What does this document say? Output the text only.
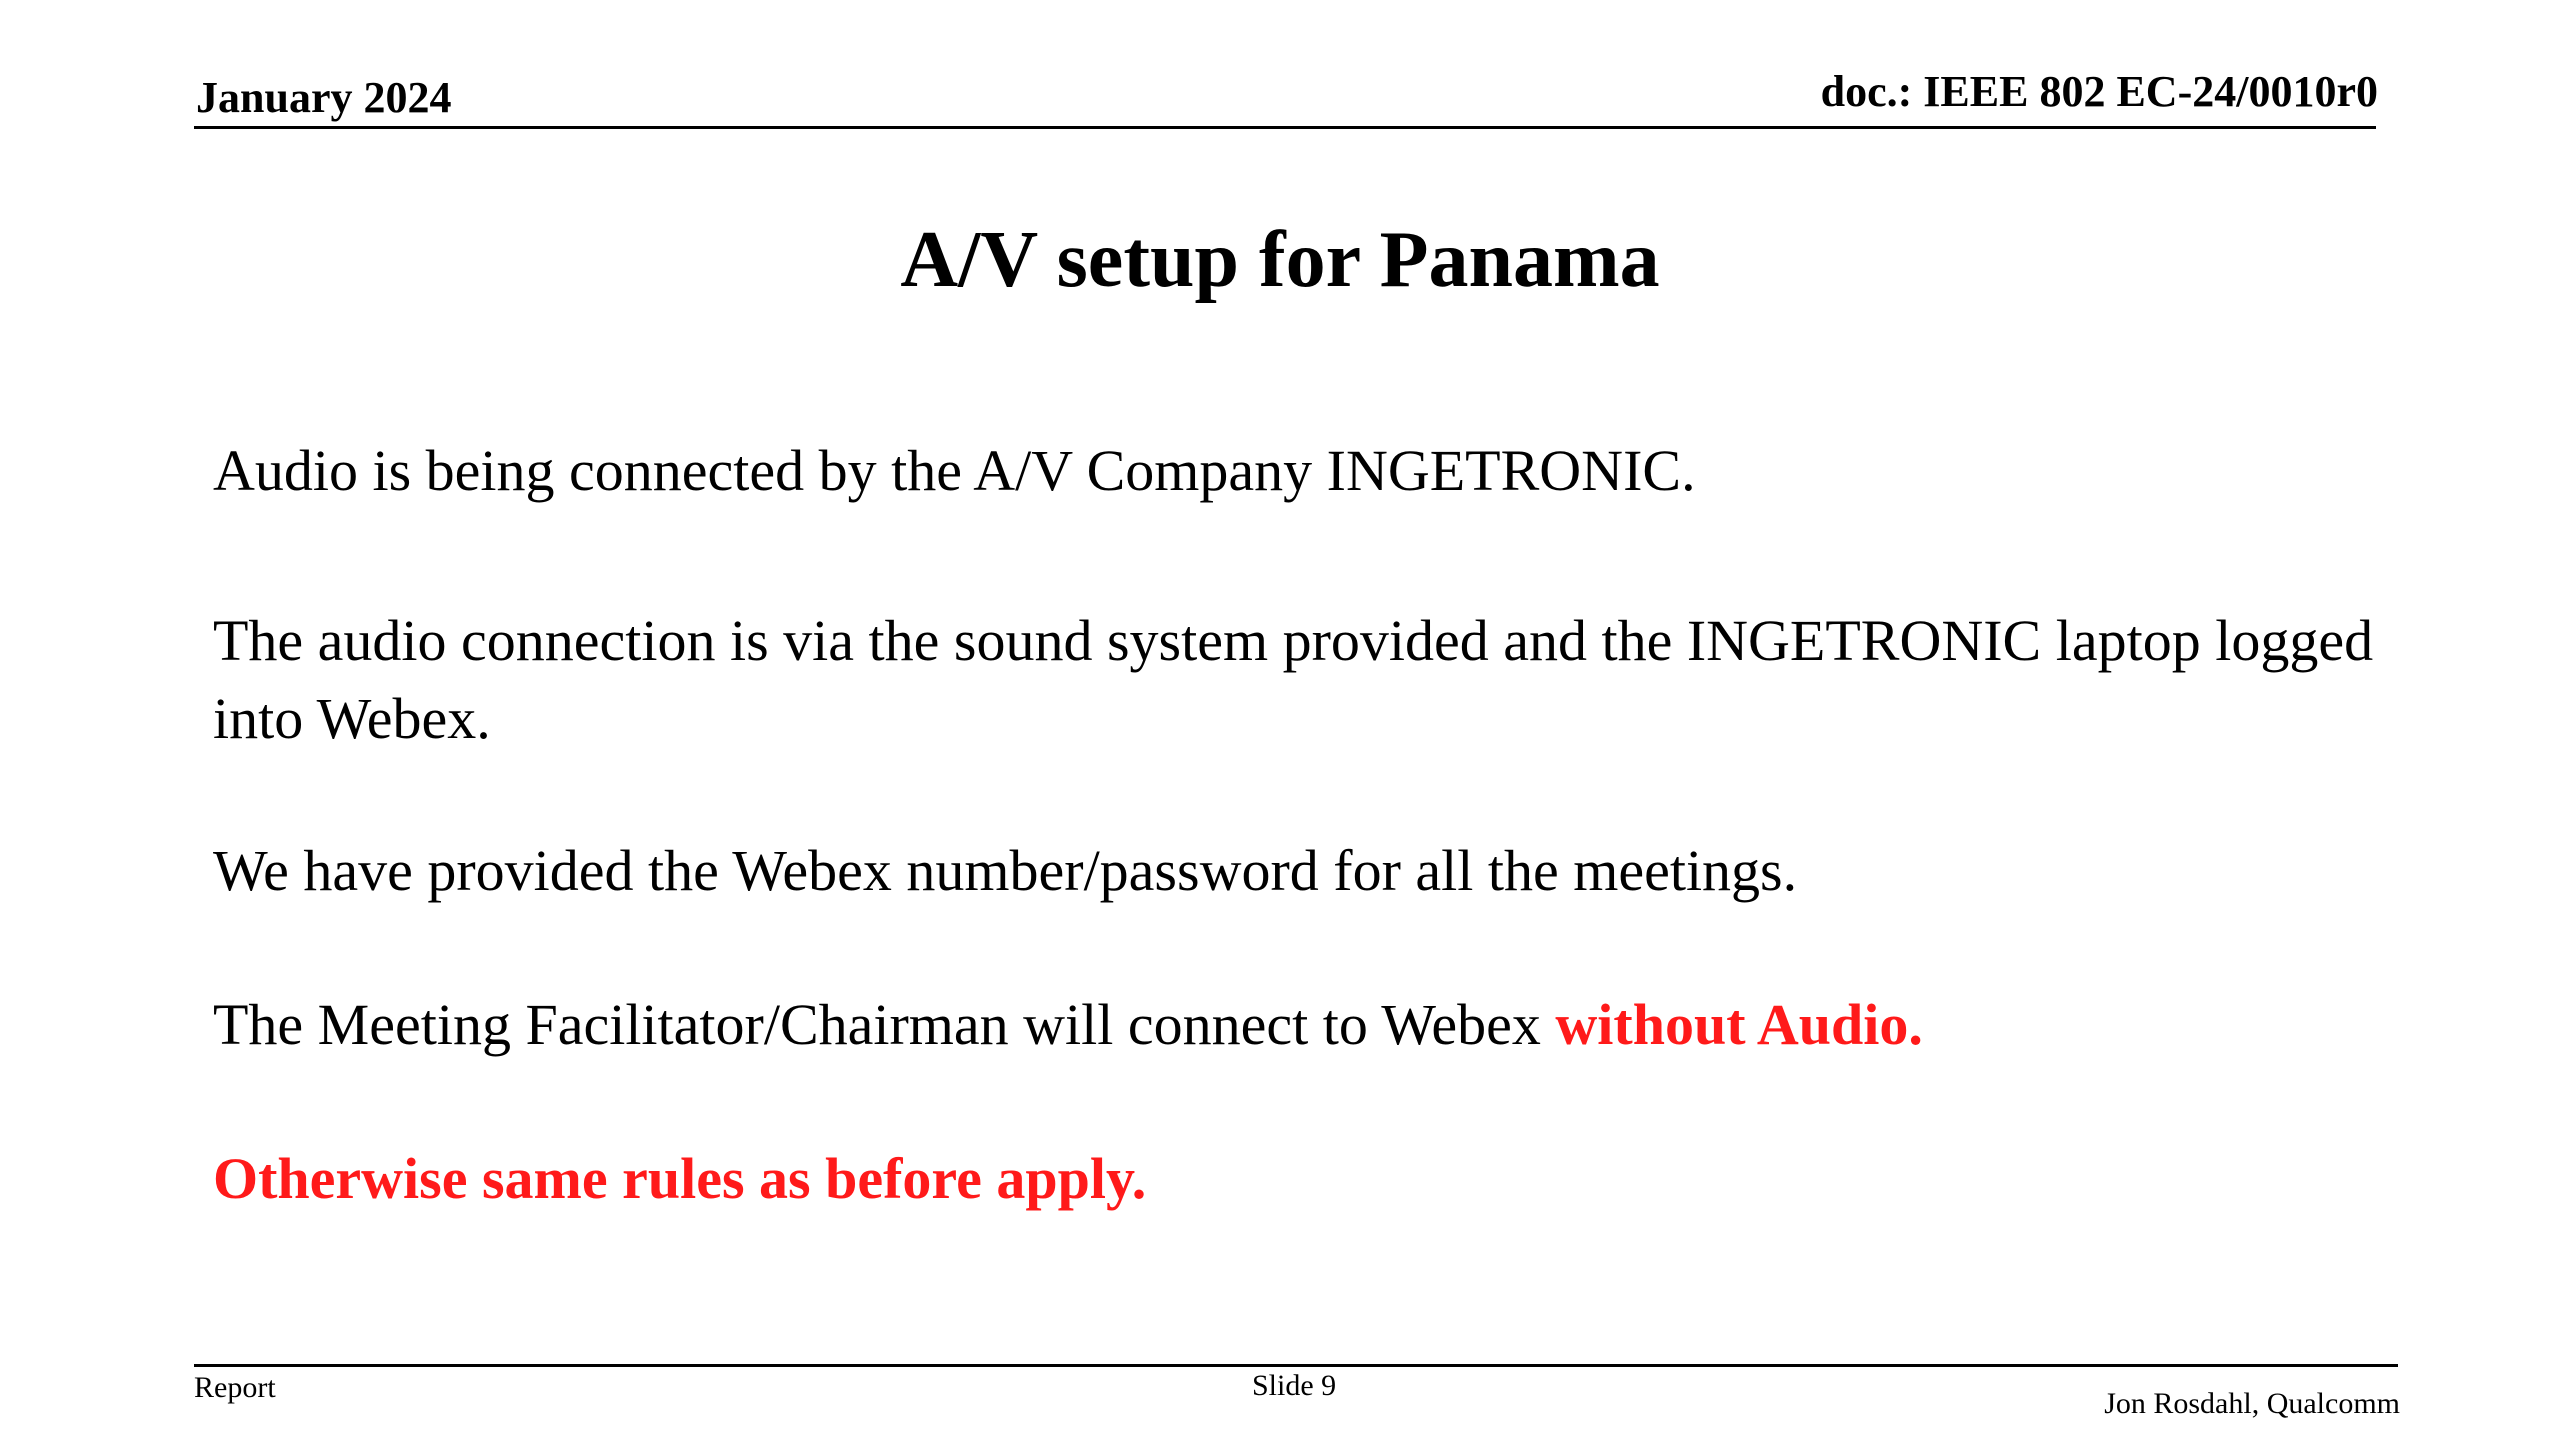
January 2024	doc.: IEEE 802 EC-24/0010r0
A/V setup for Panama
Audio is being connected by the A/V Company INGETRONIC.
The audio connection is via the sound system provided and the INGETRONIC laptop logged into Webex.
We have provided the Webex number/password for all the meetings.
The Meeting Facilitator/Chairman will connect to Webex without Audio.
Otherwise same rules as before apply.
Report	Slide 9
Jon Rosdahl, Qualcomm
